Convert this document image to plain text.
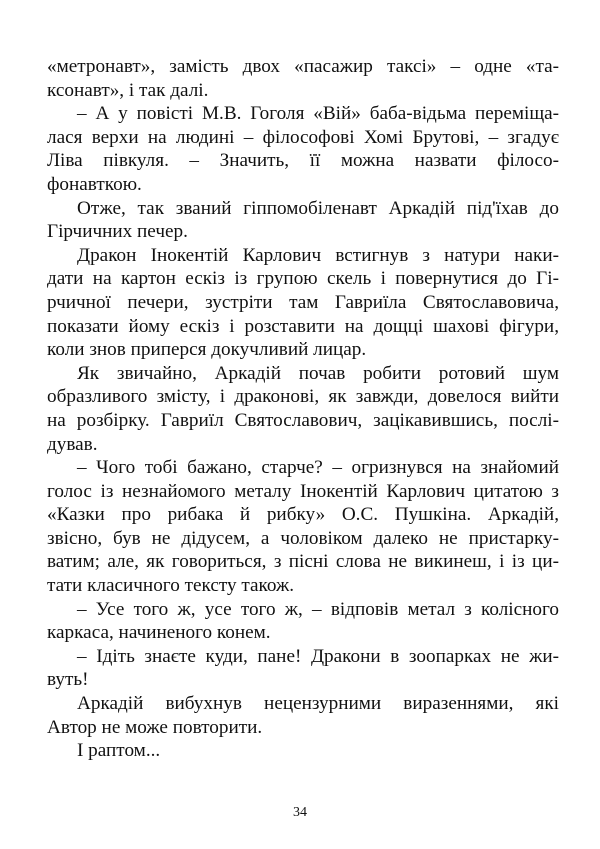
«метронавт», замість двох «пасажир таксі» – одне «та-
ксонавт», і так далі.
– А у повісті М.В. Гоголя «Вій» баба-відьма переміща-
лася верхи на людині – філософові Хомі Брутові, – згадує
Ліва півкуля. – Значить, її можна назвати філосо-
фонавткою.
Отже, так званий гіппомобіленавт Аркадій під'їхав до
Гірчичних печер.
Дракон Інокентій Карлович встигнув з натури наки-
дати на картон ескіз із групою скель і повернутися до Гі-
рчичної печери, зустріти там Гавриїла Святославовича,
показати йому ескіз і розставити на дощці шахові фігури,
коли знов приперся докучливий лицар.
Як звичайно, Аркадій почав робити ротовий шум
образливого змісту, і драконові, як завжди, довелося вийти
на розбірку. Гавриїл Святославович, зацікавившись, послі-
дував.
– Чого тобі бажано, старче? – огризнувся на знайомий
голос із незнайомого металу Інокентій Карлович цитатою з
«Казки про рибака й рибку» О.С. Пушкіна. Аркадій,
звісно, був не дідусем, а чоловіком далеко не пристарку-
ватим; але, як говориться, з пісні слова не викинеш, і із ци-
тати класичного тексту також.
– Усе того ж, усе того ж, – відповів метал з колісного
каркаса, начиненого конем.
– Ідіть знаєте куди, пане! Дракони в зоопарках не жи-
вуть!
Аркадій вибухнув нецензурними виразеннями, які
Автор не може повторити.
І раптом...
34
